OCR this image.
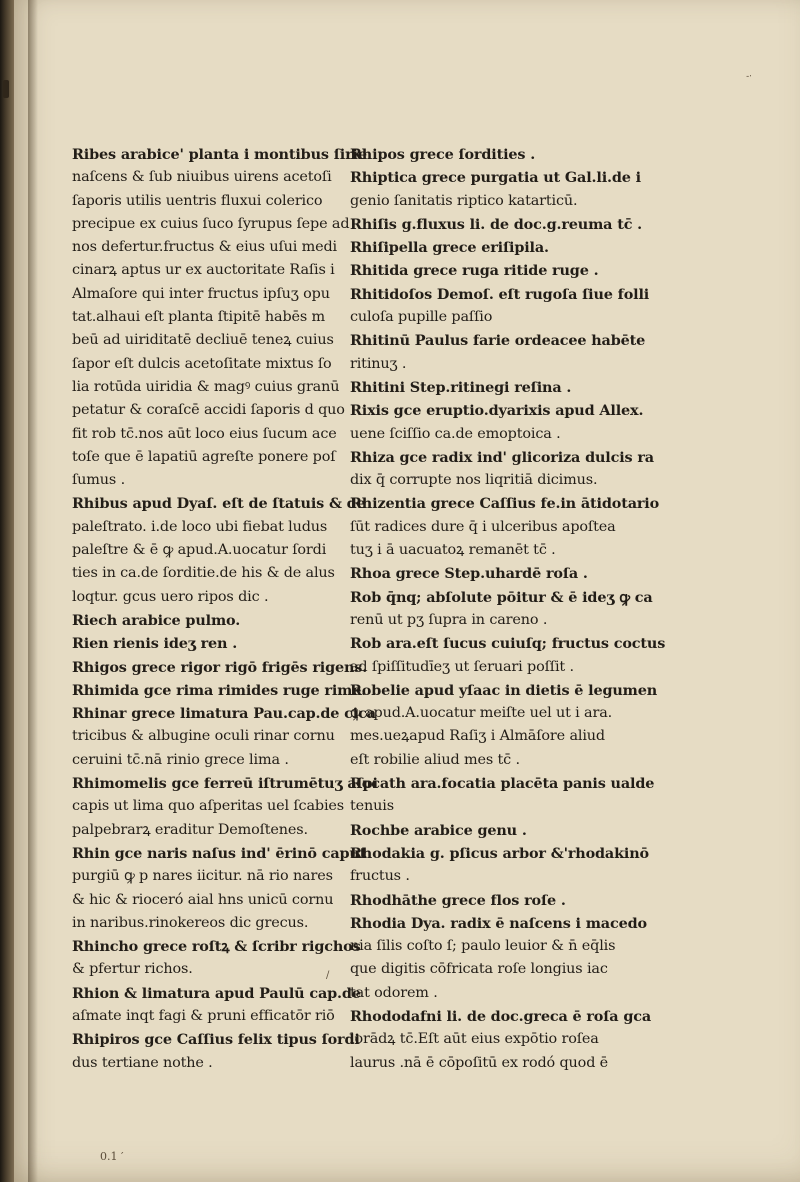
Ribes arabice' planta i montibus ſirie
naſcens & ſub niuibus uirens acetoſi
ſaporis utilis uentris fluxui colerico
precipue ex cuius ſuco ſyrupus ſepe ad
nos defertur.fructus & eius uſui medi
cinarꝝ aptus ur ex auctoritate Raſis i
Almaſore qui inter fructus ipſuʒ opu
tat.alhaui eſt planta ſtipitē habēs m
beū ad uiriditatē decliuē teneꝝ cuius
ſapor eſt dulcis acetoſitate mixtus ſo
lia rotūda uiridia & magꝰ cuius granū
petatur & coraſcē accidi ſaporis d quo
fit rob tc̄.nos aūt loco eius ſucum ace
toſe que ē lapatiū agreſte ponere poſ
ſumus .
Rhibus apud Dyaſ. eſt de ſtatuis & de
paleſtrato. i.de loco ubi fiebat ludus
paleſtre & ē ꝙ apud.A.uocatur ſordi
ties in ca.de ſorditie.de his & de alus
loqtur. gcus uero ripos dic .
Riech arabice pulmo.
Rien rienis ideʒ ren .
Rhigos grece rigor rigō frigēs rigens.
Rhimida gce rima rimides ruge rime.
Rhinar grece limatura Pau.cap.de cica
tricibus & albugine oculi rinar cornu
ceruini tc̄.nā rinio grece lima .
Rhimomelis gce ferreū iſtrumētuʒ aſpi
capis ut lima quo aſperitas uel ſcabies
palpebrarꝝ eraditur Demoſtenes.
Rhin gce naris naſus ind' ērinō caput
purgiū ꝙ p nares iicitur. nā rio nares
& hic & rioceró aial hns unicū cornu
in naribus.rinokereos dic grecus.
Rhincho grece roſtꝝ & ſcribr rigchos
& pfertur richos.
Rhion & limatura apud Paulū cap.de
aſmate inqt fagi & pruni efficatōr riō
Rhipiros gce Caſſius felix tipus ſordi
dus tertiane nothe .
Rhipos grece ſordities .
Rhiptica grece purgatia ut Gal.li.de i
genio ſanitatis riptico katarticū.
Rhiſis g.fluxus li. de doc.g.reuma tc̄ .
Rhiſipella grece eriſipila.
Rhitida grece ruga ritide ruge .
Rhitidoſos Demoſ. eſt rugoſa ſiue folli
culoſa pupille paſſio
Rhitinū Paulus farie ordeacee habēte
ritinuʒ .
Rhitini Step.ritinegi reſina .
Rixis gce eruptio.dyarixis apud Allex.
uene ſciſſio ca.de emoptoica .
Rhiza gce radix ind' glicoriza dulcis ra
dix q̄ corrupte nos liqritiā dicimus.
Rhizentia grece Caſſius fe.in ātidotario
ſūt radices dure q̄ i ulceribus apoſtea
tuʒ i ā uacuatoꝝ remanēt tc̄ .
Rhoa grece Step.uhardē roſa .
Rob q̄nq; abſolute pōitur & ē ideʒ ꝙ ca
renū ut pʒ ſupra in careno .
Rob ara.eſt ſucus cuiuſq; fructus coctus
ad ſpiſſitudīeʒ ut ſeruari poſſit .
Robelie apud yſaac in dietis ē legumen
ꝙ apud.A.uocatur meiſte uel ut i ara.
mes.ueꝝapud Raſiʒ i Almāſore aliud
eſt robilie aliud mes tc̄ .
Rocath ara.focatia placēta panis ualde
tenuis
Rochbe arabice genu .
Rhodakia g. pſicus arbor &'rhodakinō
fructus .
Rhodhāthe grece flos roſe .
Rhodia Dya. radix ē naſcens i macedo
nia ſilis coſto ſ; paulo leuior & n̄ eq̄lis
que digitis cōfricata roſe longius iac
tat odorem .
Rhododafni li. de doc.greca ē roſa gca
lorādꝝ tc̄.Eſt aūt eius expōtio roſea
laurus .nā ē cōpoſitū ex rodó quod ē
‐‧
/
0.1 ′
